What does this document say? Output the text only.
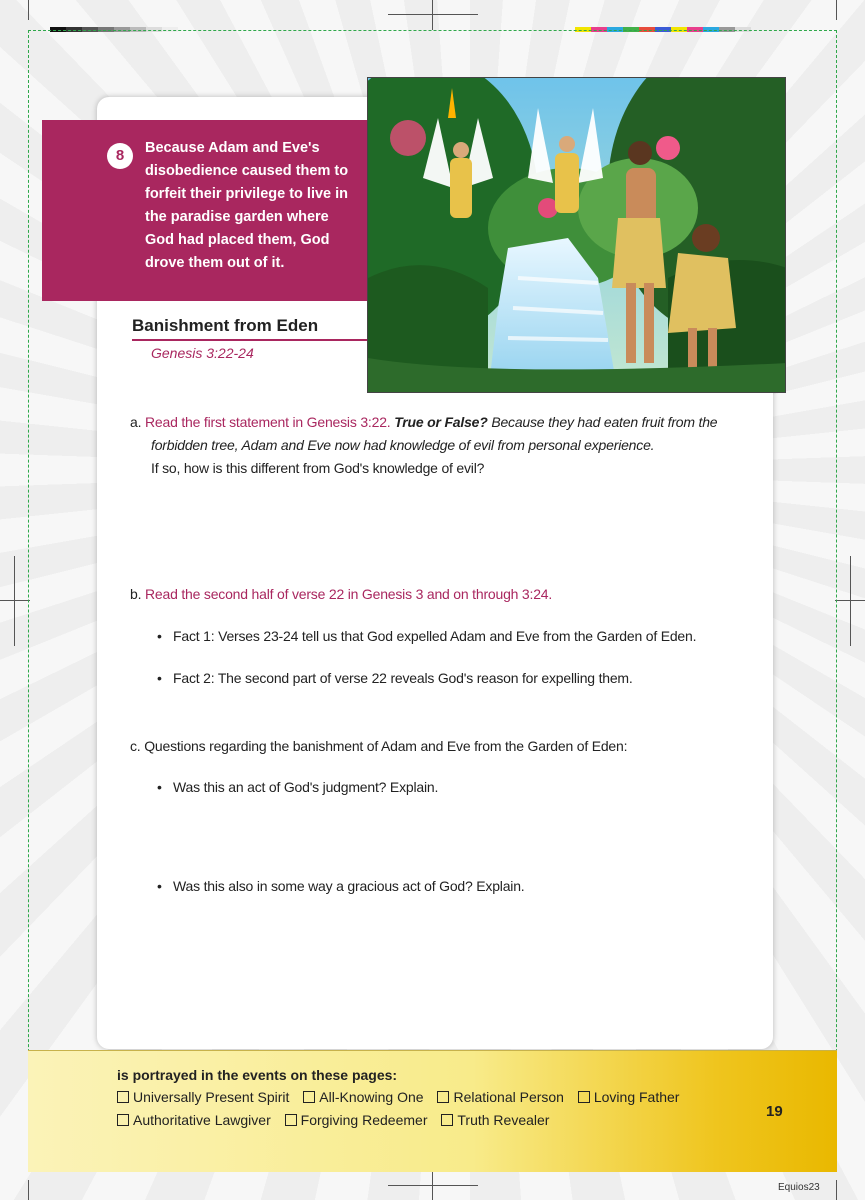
8	Because Adam and Eve's disobedience caused them to forfeit their privilege to live in the paradise garden where God had placed them, God drove them out of it.
Banishment from Eden
Genesis 3:22-24
a. Read the first statement in Genesis 3:22. True or False? Because they had eaten fruit from the
forbidden tree, Adam and Eve now had knowledge of evil from personal experience.
If so, how is this different from God's knowledge of evil?
b. Read the second half of verse 22 in Genesis 3 and on through 3:24.
• Fact 1: Verses 23-24 tell us that God expelled Adam and Eve from the Garden of Eden.
• Fact 2: The second part of verse 22 reveals God's reason for expelling them.
c. Questions regarding the banishment of Adam and Eve from the Garden of Eden:
• Was this an act of God's judgment? Explain.
• Was this also in some way a gracious act of God? Explain.
is portrayed in the events on these pages:
Universally Present Spirit All-Knowing One Relational Person Loving Father
Authoritative Lawgiver Forgiving Redeemer Truth Revealer	19
Equios23
